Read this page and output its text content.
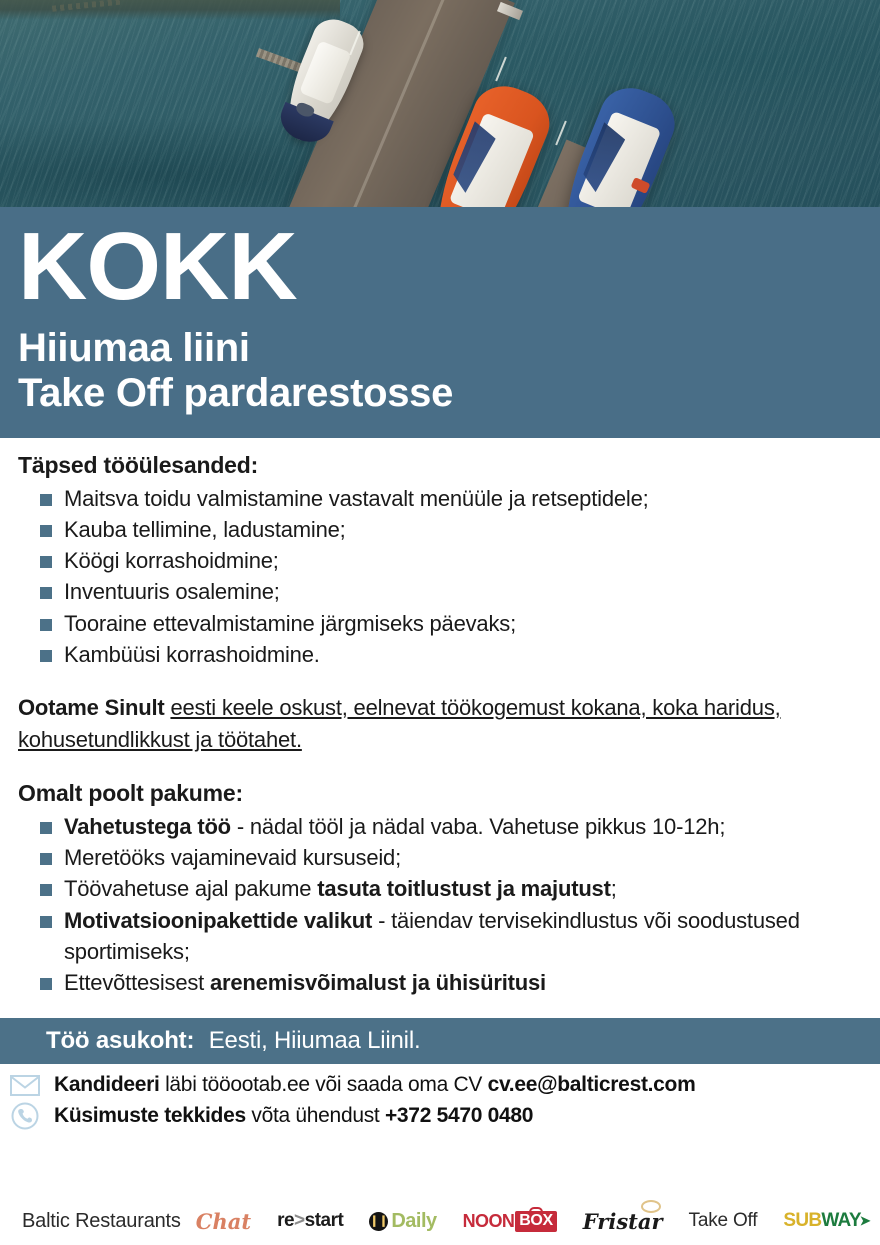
KOKK
Hiiumaa liini
Take Off pardarestosse
Täpsed tööülesanded:
Maitsva toidu valmistamine vastavalt menüüle ja retseptidele;
Kauba tellimine, ladustamine;
Köögi korrashoidmine;
Inventuuris osalemine;
Tooraine ettevalmistamine järgmiseks päevaks;
Kambüüsi korrashoidmine.
Ootame Sinult eesti keele oskust, eelnevat töökogemust kokana, koka haridus, kohusetundlikkust ja töötahet.
Omalt poolt pakume:
Vahetustega töö - nädal tööl ja nädal vaba. Vahetuse pikkus 10-12h;
Meretööks vajaminevaid kursuseid;
Töövahetuse ajal pakume tasuta toitlustust ja majutust;
Motivatsioonipakettide valikut - täiendav tervisekindlustus või soodustused sportimiseks;
Ettevõttesisest arenemisvõimalust ja ühisüritusi
Töö asukoht: Eesti, Hiiumaa Liinil.
Kandideeri läbi tööootab.ee või saada oma CV cv.ee@balticrest.com
Küsimuste tekkides võta ühendust +372 5470 0480
Baltic Restaurants Chat re > start ❙❙ Daily NOON BOX Fristar Take Off SUB WAY ➤
